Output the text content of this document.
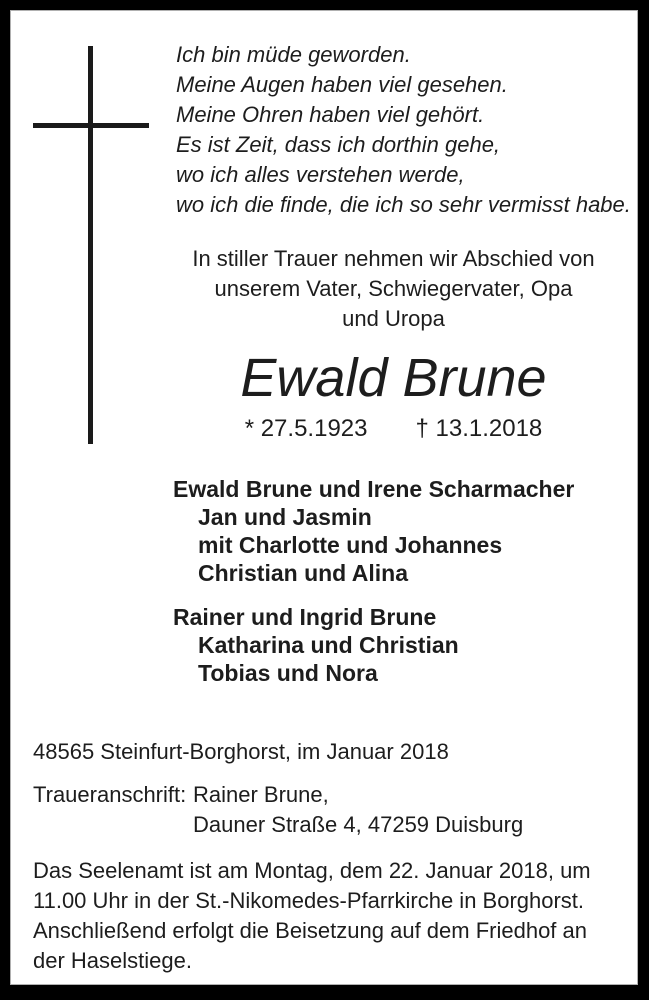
Ich bin müde geworden.
Meine Augen haben viel gesehen.
Meine Ohren haben viel gehört.
Es ist Zeit, dass ich dorthin gehe,
wo ich alles verstehen werde,
wo ich die finde, die ich so sehr vermisst habe.
In stiller Trauer nehmen wir Abschied von
unserem Vater, Schwiegervater, Opa
und Uropa
Ewald Brune
* 27.5.1923 † 13.1.2018
Ewald Brune und Irene Scharmacher
Jan und Jasmin
mit Charlotte und Johannes
Christian und Alina
Rainer und Ingrid Brune
Katharina und Christian
Tobias und Nora
48565 Steinfurt-Borghorst, im Januar 2018
Traueranschrift: Rainer Brune,
Dauner Straße 4, 47259 Duisburg
Das Seelenamt ist am Montag, dem 22. Januar 2018, um
11.00 Uhr in der St.-Nikomedes-Pfarrkirche in Borghorst.
Anschließend erfolgt die Beisetzung auf dem Friedhof an
der Haselstiege.
